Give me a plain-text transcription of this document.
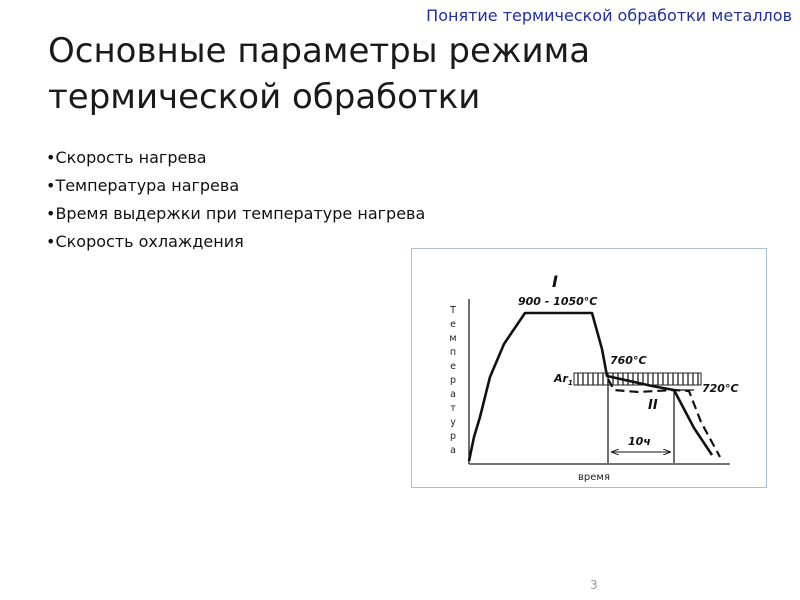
Понятие термической обработки металлов
Основные параметры режима термической обработки
• Скорость нагрева
• Температура нагрева
• Время выдержки при температуре нагрева
• Скорость охлаждения
Т
е
м
п
е
р
а
т
у
р
а
время
I
900 - 1050°C
760°C
Ar 1	720°C
II
10ч
3
